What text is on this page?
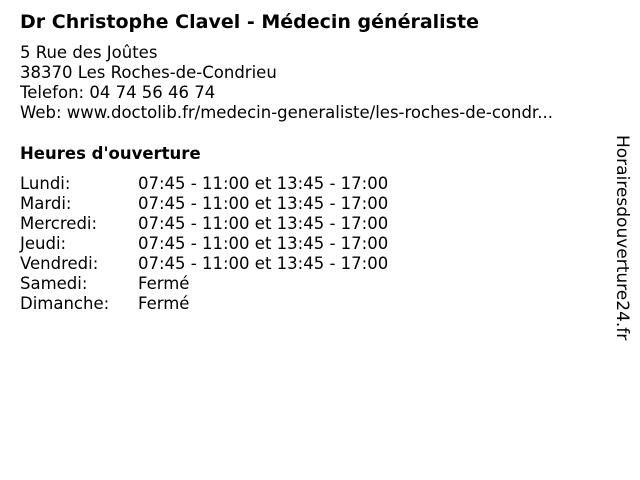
Dr Christophe Clavel - Médecin généraliste
5 Rue des Joûtes
38370 Les Roches-de-Condrieu
Telefon: 04 74 56 46 74
Web: www.doctolib.fr/medecin-generaliste/les-roches-de-condr...
Heures d'ouverture
Lundi:	07:45 - 11:00 et 13:45 - 17:00
Mardi:	07:45 - 11:00 et 13:45 - 17:00
Mercredi:	07:45 - 11:00 et 13:45 - 17:00
Jeudi:	07:45 - 11:00 et 13:45 - 17:00
Vendredi:	07:45 - 11:00 et 13:45 - 17:00
Samedi:	Fermé
Dimanche:	Fermé	Horairesdouverture24.fr
